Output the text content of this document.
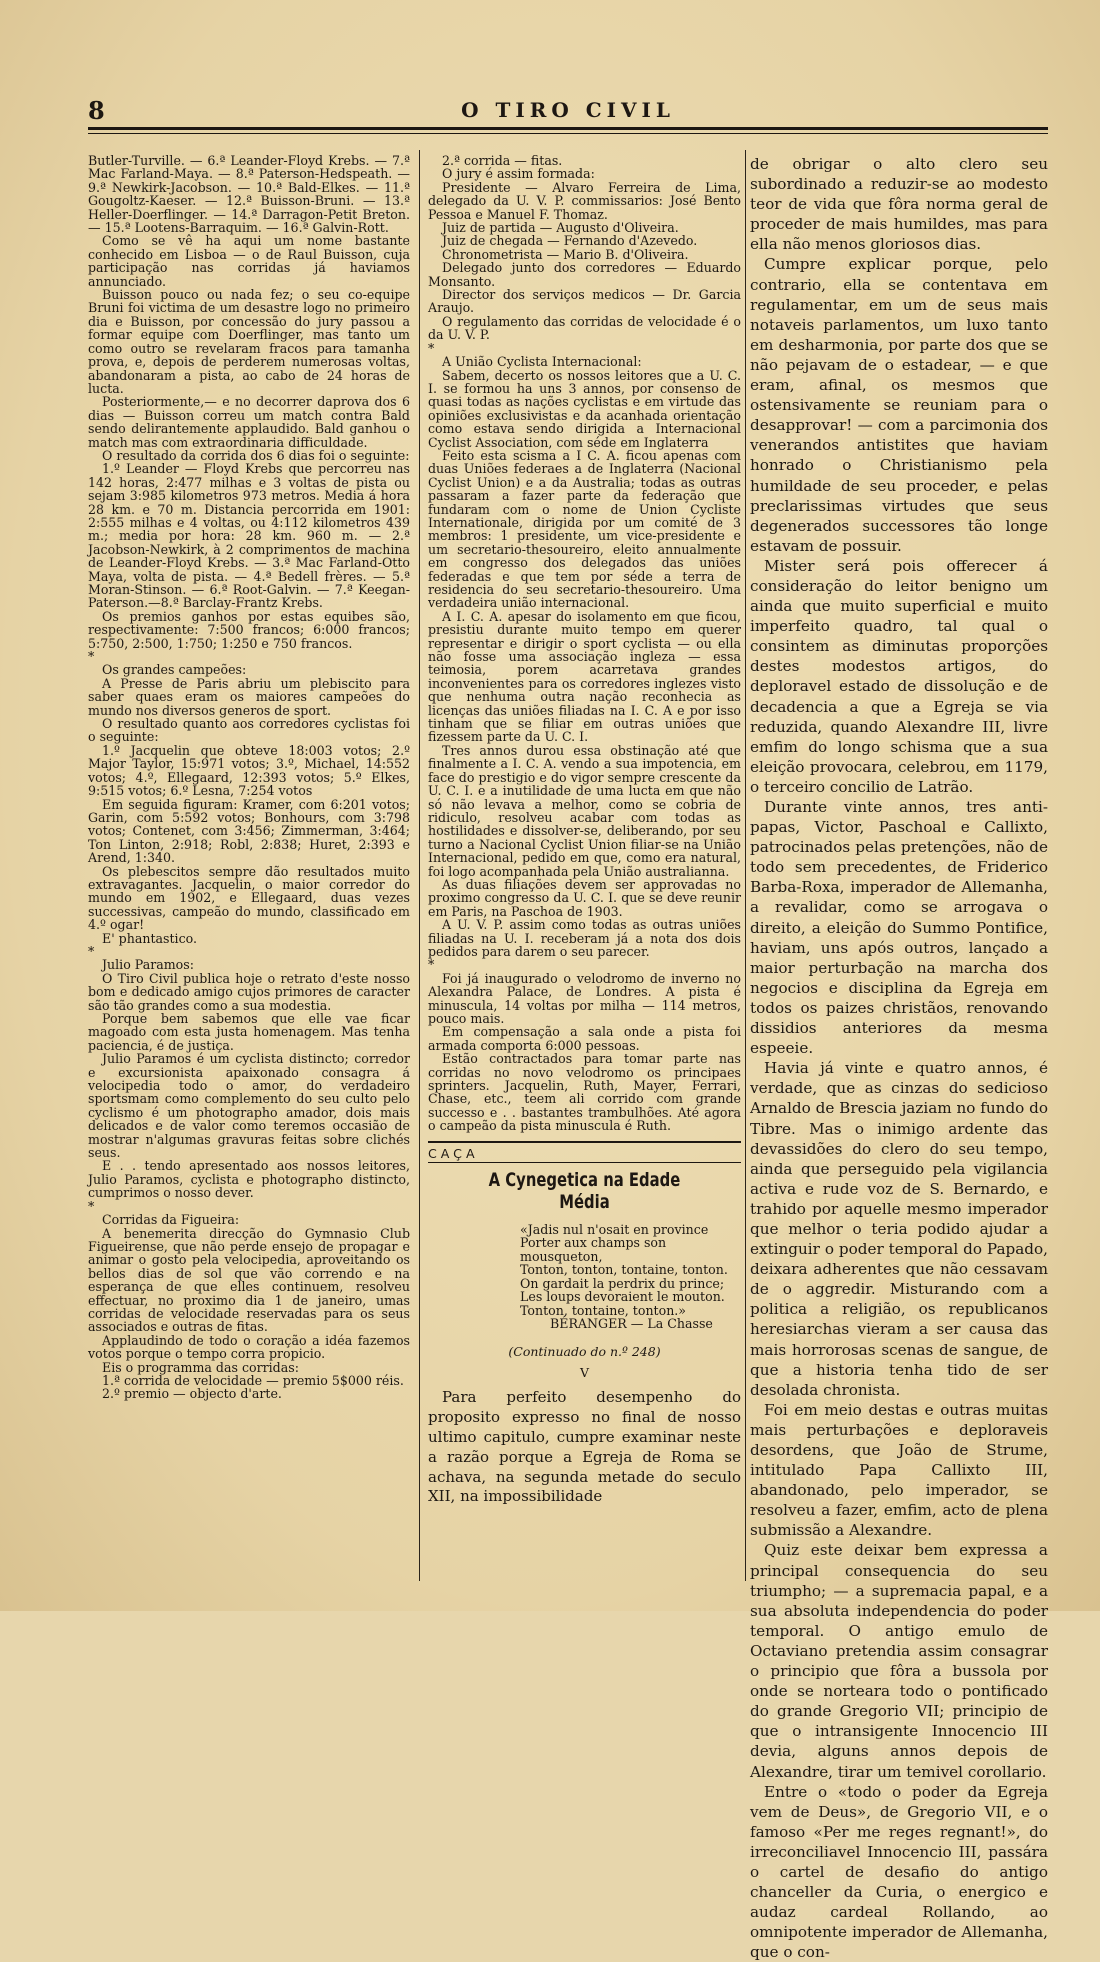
8	O TIRO CIVIL

Butler-Turville. — 6.ª Leander-Floyd Krebs. — 7.ª Mac Farland-Maya. — 8.ª Paterson-Hedspeath. — 9.ª Newkirk-Jacobson. — 10.ª Bald-Elkes. — 11.ª Gougoltz-Kaeser. — 12.ª Buisson-Bruni. — 13.ª Heller-Doerflinger. — 14.ª Darragon-Petit Breton. — 15.ª Lootens-Barraquim. — 16.ª Galvin-Rott.

Como se vê ha aqui um nome bastante conhecido em Lisboa — o de Raul Buisson, cuja participação nas corridas já haviamos annunciado.

Buisson pouco ou nada fez; o seu co-equipe Bruni foi victima de um desastre logo no primeiro dia e Buisson, por concessão do jury passou a formar equipe com Doerflinger, mas tanto um como outro se revelaram fracos para tamanha prova, e, depois de perderem numerosas voltas, abandonaram a pista, ao cabo de 24 horas de lucta.

Posteriormente,— e no decorrer daprova dos 6 dias — Buisson correu um match contra Bald sendo delirantemente applaudido. Bald ganhou o match mas com extraordinaria difficuldade.

O resultado da corrida dos 6 dias foi o seguinte:

1.º Leander — Floyd Krebs que percorreu nas 142 horas, 2:477 milhas e 3 voltas de pista ou sejam 3:985 kilometros 973 metros. Media á hora 28 km. e 70 m. Distancia percorrida em 1901: 2:555 milhas e 4 voltas, ou 4:112 kilometros 439 m.; media por hora: 28 km. 960 m. — 2.ª Jacobson-Newkirk, à 2 comprimentos de machina de Leander-Floyd Krebs. — 3.ª Mac Farland-Otto Maya, volta de pista. — 4.ª Bedell frères. — 5.ª Moran-Stinson. — 6.ª Root-Galvin. — 7.ª Keegan-Paterson.—8.ª Barclay-Frantz Krebs.

Os premios ganhos por estas equibes são, respectivamente: 7:500 francos; 6:000 francos; 5:750, 2:500, 1:750; 1:250 e 750 francos.

*

Os grandes campeões:

A Presse de Paris abriu um plebiscito para saber quaes eram os maiores campeões do mundo nos diversos generos de sport.

O resultado quanto aos corredores cyclistas foi o seguinte:

1.º Jacquelin que obteve 18:003 votos; 2.º Major Taylor, 15:971 votos; 3.º, Michael, 14:552 votos; 4.º, Ellegaard, 12:393 votos; 5.º Elkes, 9:515 votos; 6.º Lesna, 7:254 votos

Em seguida figuram: Kramer, com 6:201 votos; Garin, com 5:592 votos; Bonhours, com 3:798 votos; Contenet, com 3:456; Zimmerman, 3:464; Ton Linton, 2:918; Robl, 2:838; Huret, 2:393 e Arend, 1:340.

Os plebescitos sempre dão resultados muito extravagantes. Jacquelin, o maior corredor do mundo em 1902, e Ellegaard, duas vezes successivas, campeão do mundo, classificado em 4.º ogar!

E' phantastico.

*

Julio Paramos:

O Tiro Civil publica hoje o retrato d'este nosso bom e dedicado amigo cujos primores de caracter são tão grandes como a sua modestia.

Porque bem sabemos que elle vae ficar magoado com esta justa homenagem. Mas tenha paciencia, é de justiça.

Julio Paramos é um cyclista distincto; corredor e excursionista apaixonado consagra á velocipedia todo o amor, do verdadeiro sportsmam como complemento do seu culto pelo cyclismo é um photographo amador, dois mais delicados e de valor como teremos occasião de mostrar n'algumas gravuras feitas sobre clichés seus.

E . . tendo apresentado aos nossos leitores, Julio Paramos, cyclista e photographo distincto, cumprimos o nosso dever.

*

Corridas da Figueira:

A benemerita direcção do Gymnasio Club Figueirense, que não perde ensejo de propagar e animar o gosto pela velocipedia, aproveitando os bellos dias de sol que vão correndo e na esperança de que elles continuem, resolveu effectuar, no proximo dia 1 de janeiro, umas corridas de velocidade reservadas para os seus associados e outras de fitas.

Applaudindo de todo o coração a idéa fazemos votos porque o tempo corra propicio.

Eis o programma das corridas:

1.ª corrida de velocidade — premio 5$000 réis.

2.º premio — objecto d'arte.

2.ª corrida — fitas.

O jury é assim formada:

Presidente — Alvaro Ferreira de Lima, delegado da U. V. P. commissarios: José Bento Pessoa e Manuel F. Thomaz.

Juiz de partida — Augusto d'Oliveira.

Juiz de chegada — Fernando d'Azevedo.

Chronometrista — Mario B. d'Oliveira.

Delegado junto dos corredores — Eduardo Monsanto.

Director dos serviços medicos — Dr. Garcia Araujo.

O regulamento das corridas de velocidade é o da U. V. P.

*

A União Cyclista Internacional:

Sabem, decerto os nossos leitores que a U. C. I. se formou ha uns 3 annos, por consenso de quasi todas as nações cyclistas e em virtude das opiniões exclusivistas e da acanhada orientação como estava sendo dirigida a Internacional Cyclist Association, com séde em Inglaterra

Feito esta scisma a I C. A. ficou apenas com duas Uniões federaes a de Inglaterra (Nacional Cyclist Union) e a da Australia; todas as outras passaram a fazer parte da federação que fundaram com o nome de Union Cycliste Internationale, dirigida por um comité de 3 membros: 1 presidente, um vice-presidente e um secretario-thesoureiro, eleito annualmente em congresso dos delegados das uniões federadas e que tem por séde a terra de residencia do seu secretario-thesoureiro. Uma verdadeira união internacional.

A I. C. A. apesar do isolamento em que ficou, presistiu durante muito tempo em querer representar e dirigir o sport cyclista — ou ella não fosse uma associação ingleza — essa teimosia, porem acarretava grandes inconvenientes para os corredores inglezes visto que nenhuma outra nação reconhecia as licenças das uniões filiadas na I. C. A e por isso tinham que se filiar em outras uniões que fizessem parte da U. C. I.

Tres annos durou essa obstinação até que finalmente a I. C. A. vendo a sua impotencia, em face do prestigio e do vigor sempre crescente da U. C. I. e a inutilidade de uma lucta em que não só não levava a melhor, como se cobria de ridiculo, resolveu acabar com todas as hostilidades e dissolver-se, deliberando, por seu turno a Nacional Cyclist Union filiar-se na União Internacional, pedido em que, como era natural, foi logo acompanhada pela União australianna.

As duas filiações devem ser approvadas no proximo congresso da U. C. I. que se deve reunir em Paris, na Paschoa de 1903.

A U. V. P. assim como todas as outras uniões filiadas na U. I. receberam já a nota dos dois pedidos para darem o seu parecer.

*

Foi já inaugurado o velodromo de inverno no Alexandra Palace, de Londres. A pista é minuscula, 14 voltas por milha — 114 metros, pouco mais.

Em compensação a sala onde a pista foi armada comporta 6:000 pessoas.

Estão contractados para tomar parte nas corridas no novo velodromo os principaes sprinters. Jacquelin, Ruth, Mayer, Ferrari, Chase, etc., teem ali corrido com grande successo e . . bastantes trambulhões. Até agora o campeão da pista minuscula é Ruth.

CAÇA

A Cynegetica na Edade Média

«Jadis nul n'osait en province

Porter aux champs son mousqueton,

Tonton, tonton, tontaine, tonton.

On gardait la perdrix du prince;

Les loups devoraient le mouton.

Tonton, tontaine, tonton.»

BÉRANGER — La Chasse

(Continuado do n.º 248)
V

Para perfeito desempenho do proposito expresso no final de nosso ultimo capitulo, cumpre examinar neste a razão porque a Egreja de Roma se achava, na segunda metade do seculo XII, na impossibilidade

de obrigar o alto clero seu subordinado a reduzir-se ao modesto teor de vida que fôra norma geral de proceder de mais humildes, mas para ella não menos gloriosos dias.

Cumpre explicar porque, pelo contrario, ella se contentava em regulamentar, em um de seus mais notaveis parlamentos, um luxo tanto em desharmonia, por parte dos que se não pejavam de o estadear, — e que eram, afinal, os mesmos que ostensivamente se reuniam para o desapprovar! — com a parcimonia dos venerandos antistites que haviam honrado o Christianismo pela humildade de seu proceder, e pelas preclarissimas virtudes que seus degenerados successores tão longe estavam de possuir.

Mister será pois offerecer á consideração do leitor benigno um ainda que muito superficial e muito imperfeito quadro, tal qual o consintem as diminutas proporções destes modestos artigos, do deploravel estado de dissolução e de decadencia a que a Egreja se via reduzida, quando Alexandre III, livre emfim do longo schisma que a sua eleição provocara, celebrou, em 1179, o terceiro concilio de Latrão.

Durante vinte annos, tres anti-papas, Victor, Paschoal e Callixto, patrocinados pelas pretenções, não de todo sem precedentes, de Friderico Barba-Roxa, imperador de Allemanha, a revalidar, como se arrogava o direito, a eleição do Summo Pontifice, haviam, uns após outros, lançado a maior perturbação na marcha dos negocios e disciplina da Egreja em todos os paizes christãos, renovando dissidios anteriores da mesma espeeie.

Havia já vinte e quatro annos, é verdade, que as cinzas do sedicioso Arnaldo de Brescia jaziam no fundo do Tibre. Mas o inimigo ardente das devassidões do clero do seu tempo, ainda que perseguido pela vigilancia activa e rude voz de S. Bernardo, e trahido por aquelle mesmo imperador que melhor o teria podido ajudar a extinguir o poder temporal do Papado, deixara adherentes que não cessavam de o aggredir. Misturando com a politica a religião, os republicanos heresiarchas vieram a ser causa das mais horrorosas scenas de sangue, de que a historia tenha tido de ser desolada chronista.

Foi em meio destas e outras muitas mais perturbações e deploraveis desordens, que João de Strume, intitulado Papa Callixto III, abandonado, pelo imperador, se resolveu a fazer, emfim, acto de plena submissão a Alexandre.

Quiz este deixar bem expressa a principal consequencia do seu triumpho; — a supremacia papal, e a sua absoluta independencia do poder temporal. O antigo emulo de Octaviano pretendia assim consagrar o principio que fôra a bussola por onde se norteara todo o pontificado do grande Gregorio VII; principio de que o intransigente Innocencio III devia, alguns annos depois de Alexandre, tirar um temivel corollario.

Entre o «todo o poder da Egreja vem de Deus», de Gregorio VII, e o famoso «Per me reges regnant!», do irreconciliavel Innocencio III, passára o cartel de desafio do antigo chanceller da Curia, o energico e audaz cardeal Rollando, ao omnipotente imperador de Allemanha, que o con-
